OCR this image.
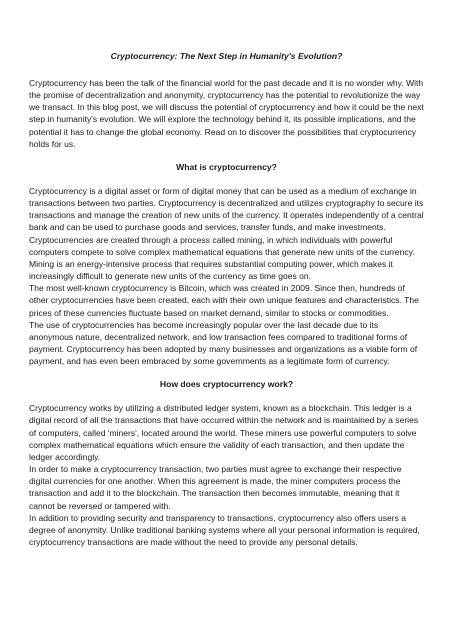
Cryptocurrency: The Next Step in Humanity's Evolution?

Cryptocurrency has been the talk of the financial world for the past decade and it is no wonder why. With the promise of decentralization and anonymity, cryptocurrency has the potential to revolutionize the way we transact. In this blog post, we will discuss the potential of cryptocurrency and how it could be the next step in humanity's evolution. We will explore the technology behind it, its possible implications, and the potential it has to change the global economy. Read on to discover the possibilities that cryptocurrency holds for us.

What is cryptocurrency?

Cryptocurrency is a digital asset or form of digital money that can be used as a medium of exchange in transactions between two parties. Cryptocurrency is decentralized and utilizes cryptography to secure its transactions and manage the creation of new units of the currency. It operates independently of a central bank and can be used to purchase goods and services, transfer funds, and make investments.

Cryptocurrencies are created through a process called mining, in which individuals with powerful computers compete to solve complex mathematical equations that generate new units of the currency. Mining is an energy-intensive process that requires substantial computing power, which makes it increasingly difficult to generate new units of the currency as time goes on.

The most well-known cryptocurrency is Bitcoin, which was created in 2009. Since then, hundreds of other cryptocurrencies have been created, each with their own unique features and characteristics. The prices of these currencies fluctuate based on market demand, similar to stocks or commodities.

The use of cryptocurrencies has become increasingly popular over the last decade due to its anonymous nature, decentralized network, and low transaction fees compared to traditional forms of payment. Cryptocurrency has been adopted by many businesses and organizations as a viable form of payment, and has even been embraced by some governments as a legitimate form of currency.

How does cryptocurrency work?

Cryptocurrency works by utilizing a distributed ledger system, known as a blockchain. This ledger is a digital record of all the transactions that have occurred within the network and is maintained by a series of computers, called 'miners', located around the world. These miners use powerful computers to solve complex mathematical equations which ensure the validity of each transaction, and then update the ledger accordingly.

In order to make a cryptocurrency transaction, two parties must agree to exchange their respective digital currencies for one another. When this agreement is made, the miner computers process the transaction and add it to the blockchain. The transaction then becomes immutable, meaning that it cannot be reversed or tampered with.

In addition to providing security and transparency to transactions, cryptocurrency also offers users a degree of anonymity. Unlike traditional banking systems where all your personal information is required, cryptocurrency transactions are made without the need to provide any personal details.
